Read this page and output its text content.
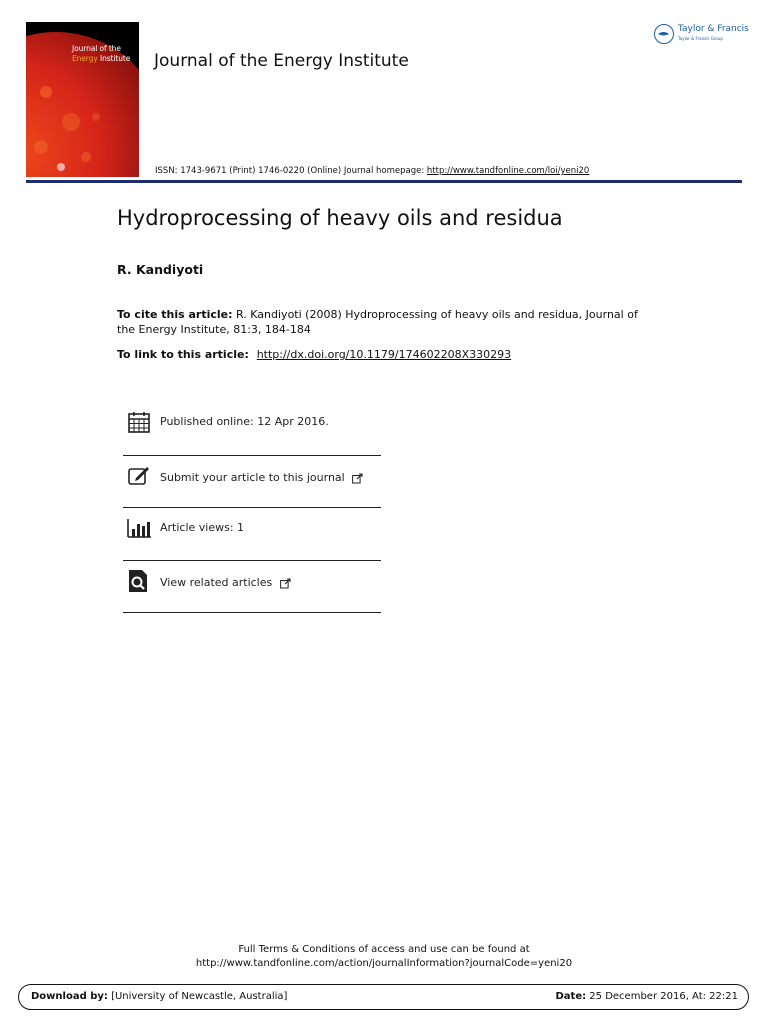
Journal of the
Energy Institute Journal of the Energy Institute
Taylor & Francis
Taylor & Francis Group
ISSN: 1743-9671 (Print) 1746-0220 (Online) Journal homepage: http://www.tandfonline.com/loi/yeni20
Hydroprocessing of heavy oils and residua
R. Kandiyoti
To cite this article: R. Kandiyoti (2008) Hydroprocessing of heavy oils and residua, Journal of the Energy Institute, 81:3, 184-184
To link to this article: http://dx.doi.org/10.1179/174602208X330293
Published online: 12 Apr 2016.
Submit your article to this journal
Article views: 1
View related articles
Full Terms & Conditions of access and use can be found at
http://www.tandfonline.com/action/journalInformation?journalCode=yeni20
Download by: [University of Newcastle, Australia]	Date: 25 December 2016, At: 22:21
